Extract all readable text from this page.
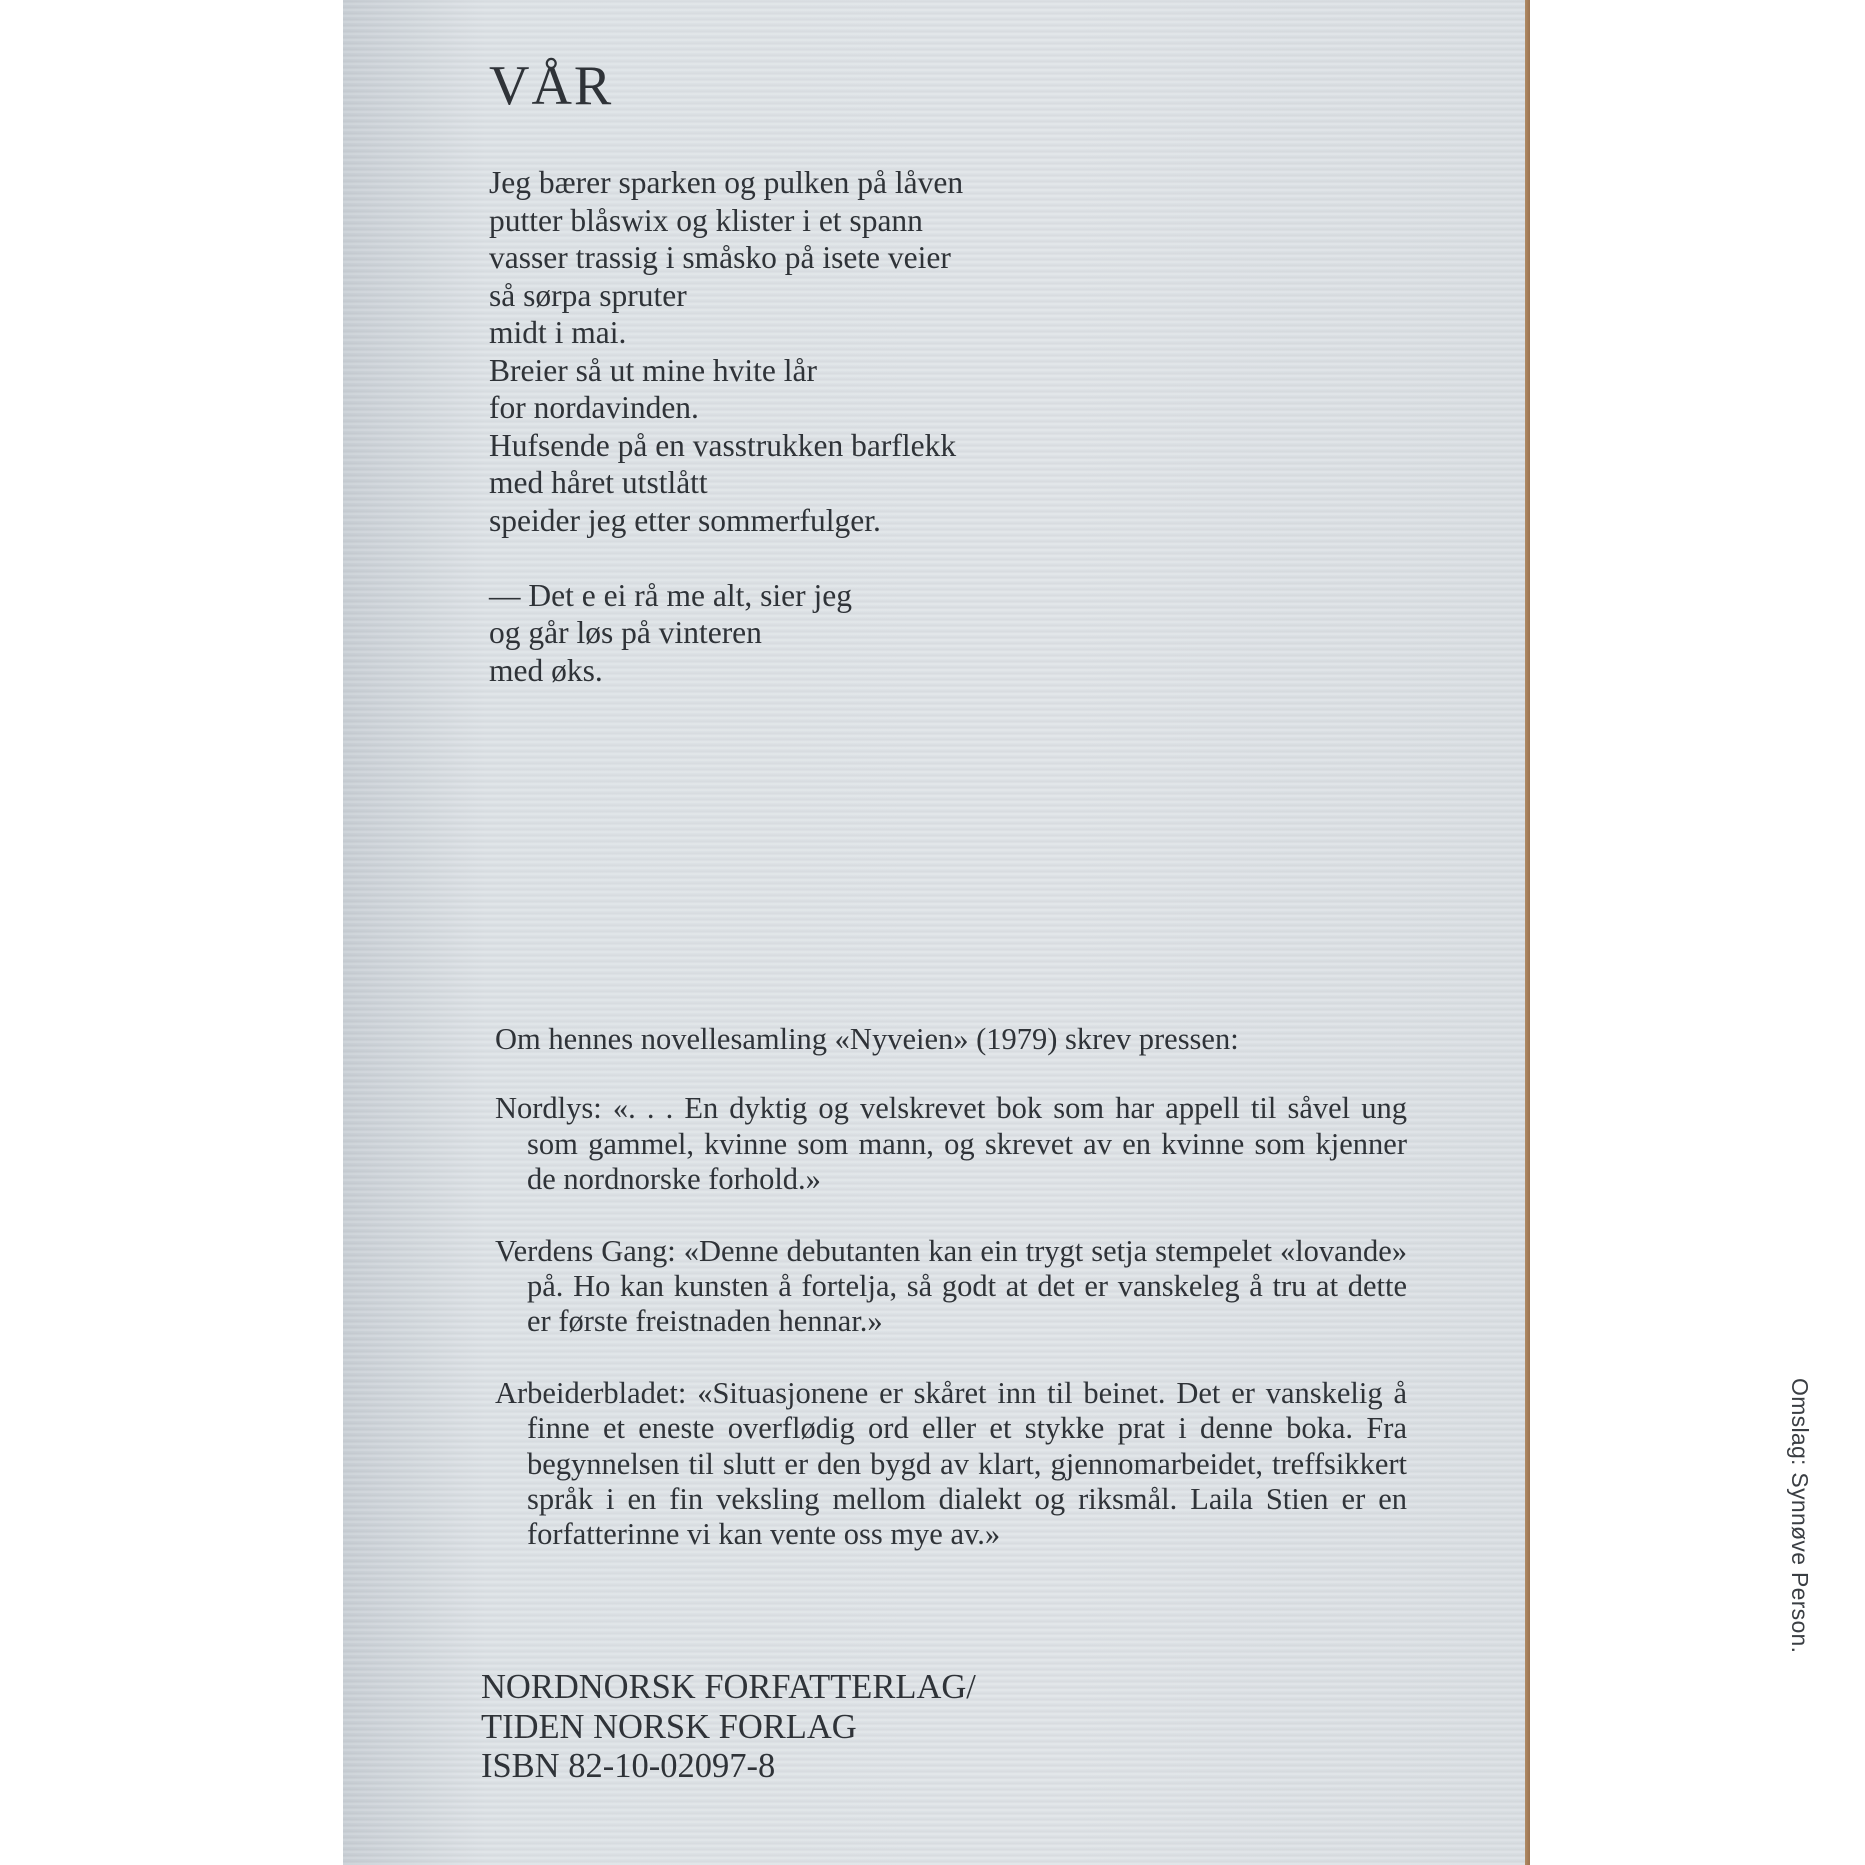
VÅR
Jeg bærer sparken og pulken på låven
putter blåswix og klister i et spann
vasser trassig i småsko på isete veier
så sørpa spruter
midt i mai.
Breier så ut mine hvite lår
for nordavinden.
Hufsende på en vasstrukken barflekk
med håret utstlått
speider jeg etter sommerfulger.
— Det e ei rå me alt, sier jeg
og går løs på vinteren
med øks.

Om hennes novellesamling «Nyveien» (1979) skrev pressen:

Nordlys: «. . . En dyktig og velskrevet bok som har appell til såvel ung som gammel, kvinne som mann, og skrevet av en kvinne som kjenner de nordnorske forhold.»

Verdens Gang: «Denne debutanten kan ein trygt setja stempelet «lovande» på. Ho kan kunsten å fortelja, så godt at det er vanskeleg å tru at dette er første freistnaden hennar.»

Arbeiderbladet: «Situasjonene er skåret inn til beinet. Det er vanskelig å finne et eneste overflødig ord eller et stykke prat i denne boka. Fra begynnelsen til slutt er den bygd av klart, gjennomarbeidet, treffsikkert språk i en fin veksling mellom dialekt og riksmål. Laila Stien er en forfatterinne vi kan vente oss mye av.»

NORDNORSK FORFATTERLAG/
TIDEN NORSK FORLAG
ISBN 82-10-02097-8
Omslag: Synnøve Person.
